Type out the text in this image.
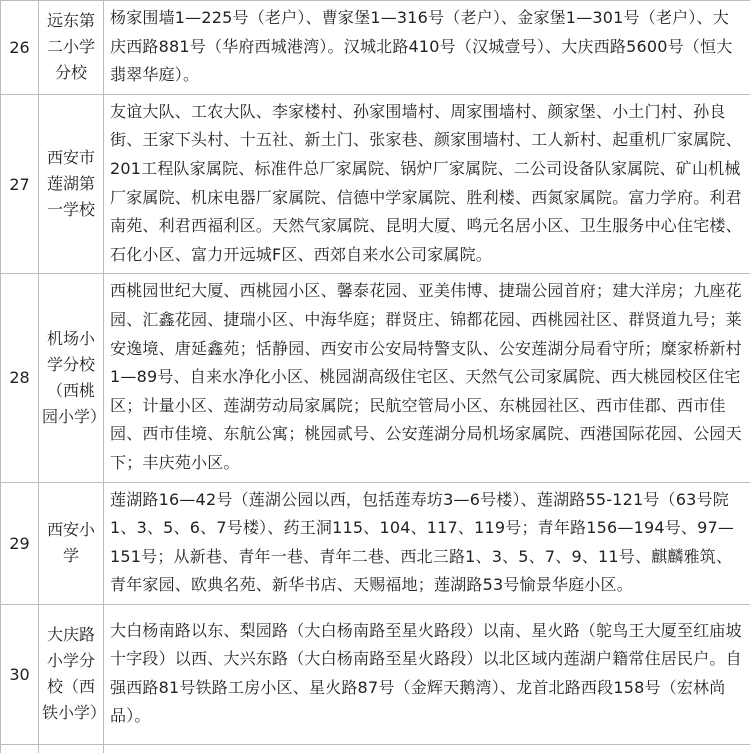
26	远东第二小学分校	杨家围墙1—225号（老户）、曹家堡1—316号（老户）、金家堡1—301号（老户）、大庆西路881号（华府西城港湾）。汉城北路410号（汉城壹号）、大庆西路5600号（恒大翡翠华庭）。
27	西安市莲湖第一学校	友谊大队、工农大队、李家楼村、孙家围墙村、周家围墙村、颜家堡、小土门村、孙良街、王家下头村、十五社、新土门、张家巷、颜家围墙村、工人新村、起重机厂家属院、201工程队家属院、标准件总厂家属院、锅炉厂家属院、二公司设备队家属院、矿山机械厂家属院、机床电器厂家属院、信德中学家属院、胜利楼、西氮家属院。富力学府。利君南苑、利君西福利区。天然气家属院、昆明大厦、鸣元名居小区、卫生服务中心住宅楼、石化小区、富力开远城F区、西郊自来水公司家属院。
28	机场小学分校（西桃园小学）	西桃园世纪大厦、西桃园小区、馨泰花园、亚美伟博、捷瑞公园首府；建大洋房；九座花园、汇鑫花园、捷瑞小区、中海华庭；群贤庄、锦都花园、西桃园社区、群贤道九号；莱安逸境、唐延鑫苑；恬静园、西安市公安局特警支队、公安莲湖分局看守所；糜家桥新村1—89号、自来水净化小区、桃园湖高级住宅区、天然气公司家属院、西大桃园校区住宅区；计量小区、莲湖劳动局家属院；民航空管局小区、东桃园社区、西市佳郡、西市佳园、西市佳境、东航公寓；桃园贰号、公安莲湖分局机场家属院、西港国际花园、公园天下；丰庆苑小区。
29	西安小学	莲湖路16—42号（莲湖公园以西，包括莲寿坊3—6号楼）、莲湖路55-121号（63号院1、3、5、6、7号楼）、药王洞115、104、117、119号；青年路156—194号、97—151号；从新巷、青年一巷、青年二巷、西北三路1、3、5、7、9、11号、麒麟雅筑、青年家园、欧典名苑、新华书店、天赐福地；莲湖路53号愉景华庭小区。
30	大庆路小学分校（西铁小学）	大白杨南路以东、梨园路（大白杨南路至星火路段）以南、星火路（鸵鸟王大厦至红庙坡十字段）以西、大兴东路（大白杨南路至星火路段）以北区域内莲湖户籍常住居民户。自强西路81号铁路工房小区、星火路87号（金辉天鹅湾）、龙首北路西段158号（宏林尚品）。
